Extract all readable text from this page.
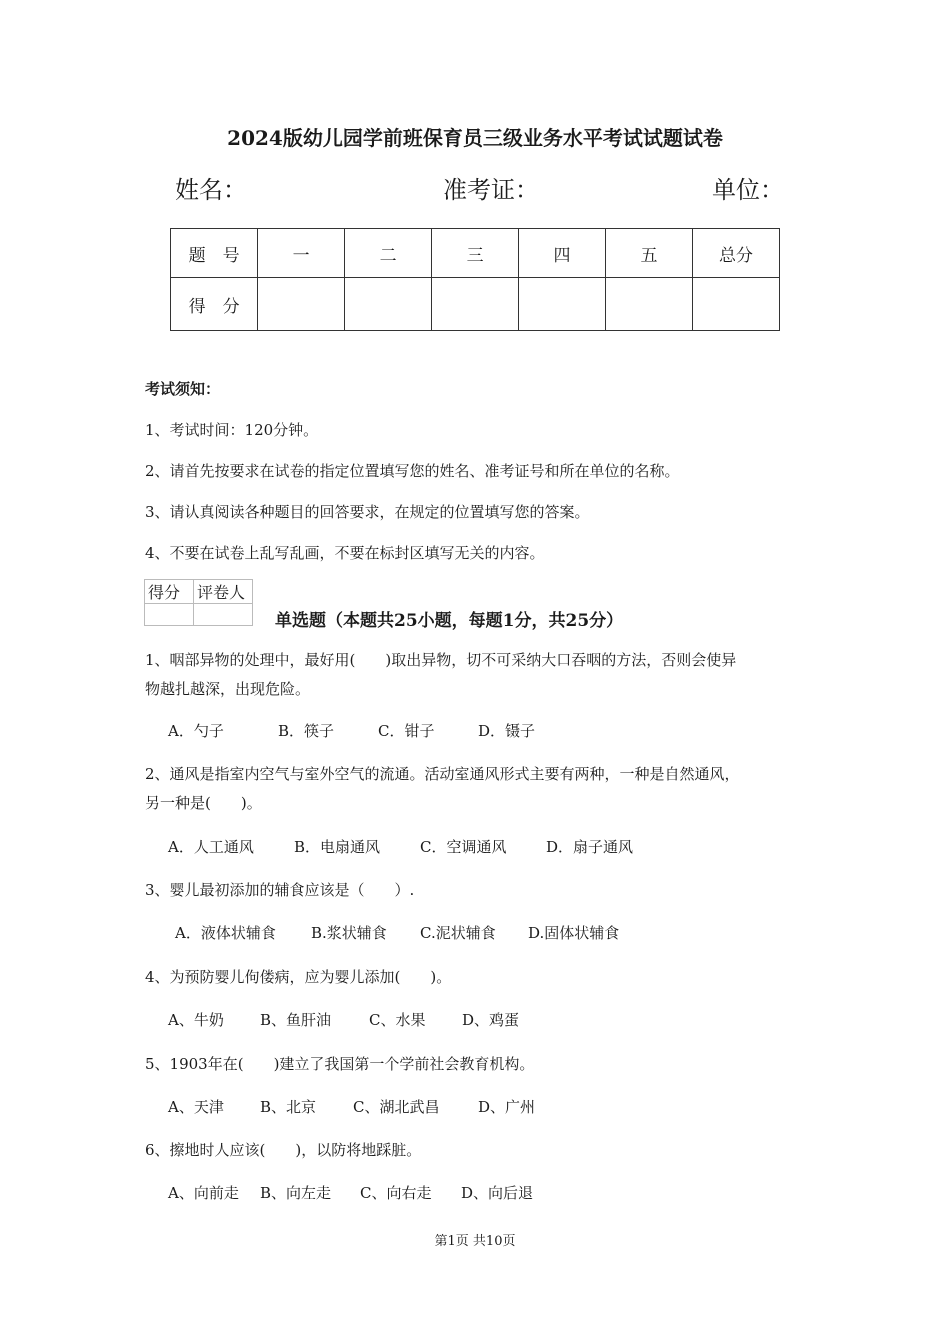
2024版幼儿园学前班保育员三级业务水平考试试题试卷
姓名：	准考证：	单位：
题　号	一	二	三	四	五	总分
得　分						
考试须知：
1、考试时间：120分钟。
2、请首先按要求在试卷的指定位置填写您的姓名、准考证号和所在单位的名称。
3、请认真阅读各种题目的回答要求，在规定的位置填写您的答案。
4、不要在试卷上乱写乱画，不要在标封区填写无关的内容。
得分	评卷人

单选题（本题共25小题，每题1分，共25分）
1、咽部异物的处理中，最好用(　　)取出异物，切不可采纳大口吞咽的方法，否则会使异
物越扎越深，出现危险。
A．勺子	B．筷子	C．钳子	D．镊子
2、通风是指室内空气与室外空气的流通。活动室通风形式主要有两种，一种是自然通风，
另一种是(　　)。
A．人工通风	B．电扇通风	C．空调通风	D．扇子通风
3、婴儿最初添加的辅食应该是（　　）.
A．液体状辅食 B.浆状辅食 C.泥状辅食 D.固体状辅食
4、为预防婴儿佝偻病，应为婴儿添加(　　)。
A、牛奶 B、鱼肝油	C、水果 D、鸡蛋
5、1903年在(　　)建立了我国第一个学前社会教育机构。
A、天津 B、北京 C、湖北武昌	D、广州
6、擦地时人应该(　　)，以防将地踩脏。
A、向前走 B、向左走 C、向右走 D、向后退
第1页 共10页
